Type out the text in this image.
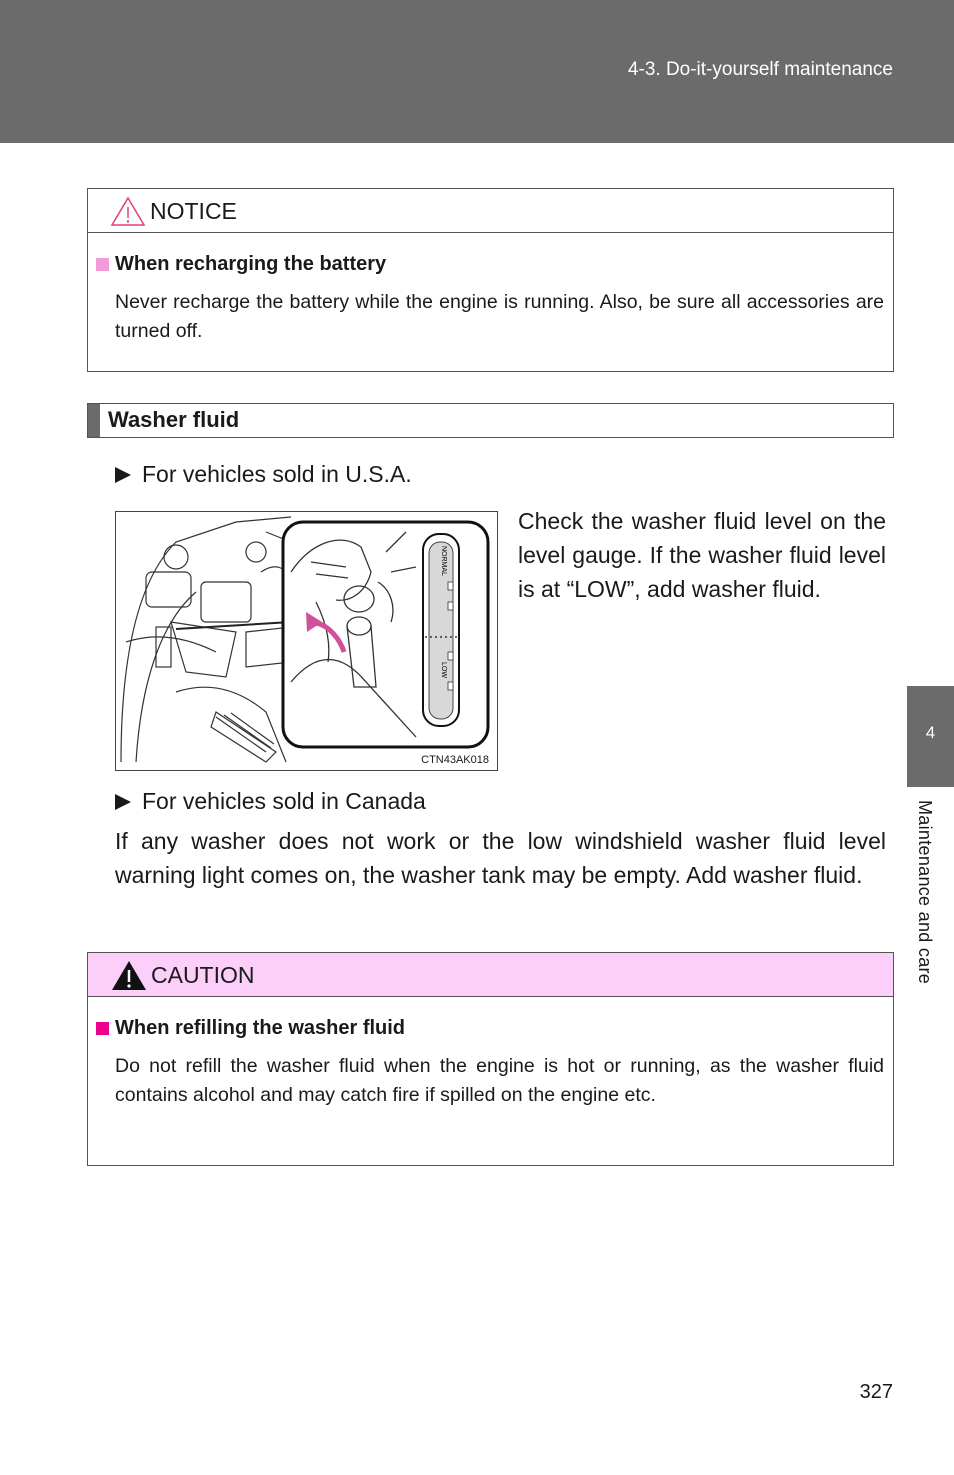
4-3. Do-it-yourself maintenance
4
Maintenance and care
NOTICE
When recharging the battery
Never recharge the battery while the engine is running. Also, be sure all accessories are turned off.
Washer fluid
For vehicles sold in U.S.A.
NORMAL
LOW
CTN43AK018
Check the washer fluid level on the level gauge. If the washer fluid level is at “LOW”, add washer fluid.
For vehicles sold in Canada
If any washer does not work or the low windshield washer fluid level warning light comes on, the washer tank may be empty. Add washer fluid.
CAUTION
When refilling the washer fluid
Do not refill the washer fluid when the engine is hot or running, as the washer fluid contains alcohol and may catch fire if spilled on the engine etc.
327
